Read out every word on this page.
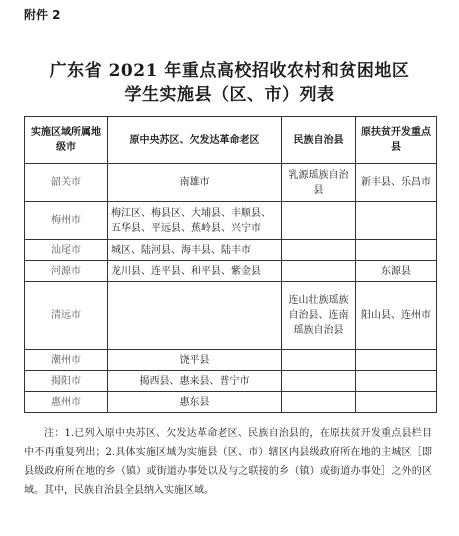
附件 2
广东省 2021 年重点高校招收农村和贫困地区
学生实施县（区、市）列表
实施区域所属地级市	原中央苏区、欠发达革命老区	民族自治县	原扶贫开发重点县
韶关市	南雄市	乳源瑶族自治县	新丰县、乐昌市
梅州市	梅江区、梅县区、大埔县、丰顺县、五华县、平远县、蕉岭县、兴宁市		
汕尾市	城区、陆河县、海丰县、陆丰市		
河源市	龙川县、连平县、和平县、紫金县		东源县
清远市		连山壮族瑶族自治县、连南瑶族自治县	阳山县、连州市
潮州市	饶平县		
揭阳市	揭西县、惠来县、普宁市		
惠州市	惠东县		
注：1.已列入原中央苏区、欠发达革命老区、民族自治县的，在原扶贫开发重点县栏目中不再重复列出；2.具体实施区域为实施县（区、市）辖区内县级政府所在地的主城区［即县级政府所在地的乡（镇）或街道办事处以及与之联接的乡（镇）或街道办事处］之外的区域。其中，民族自治县全县纳入实施区域。
